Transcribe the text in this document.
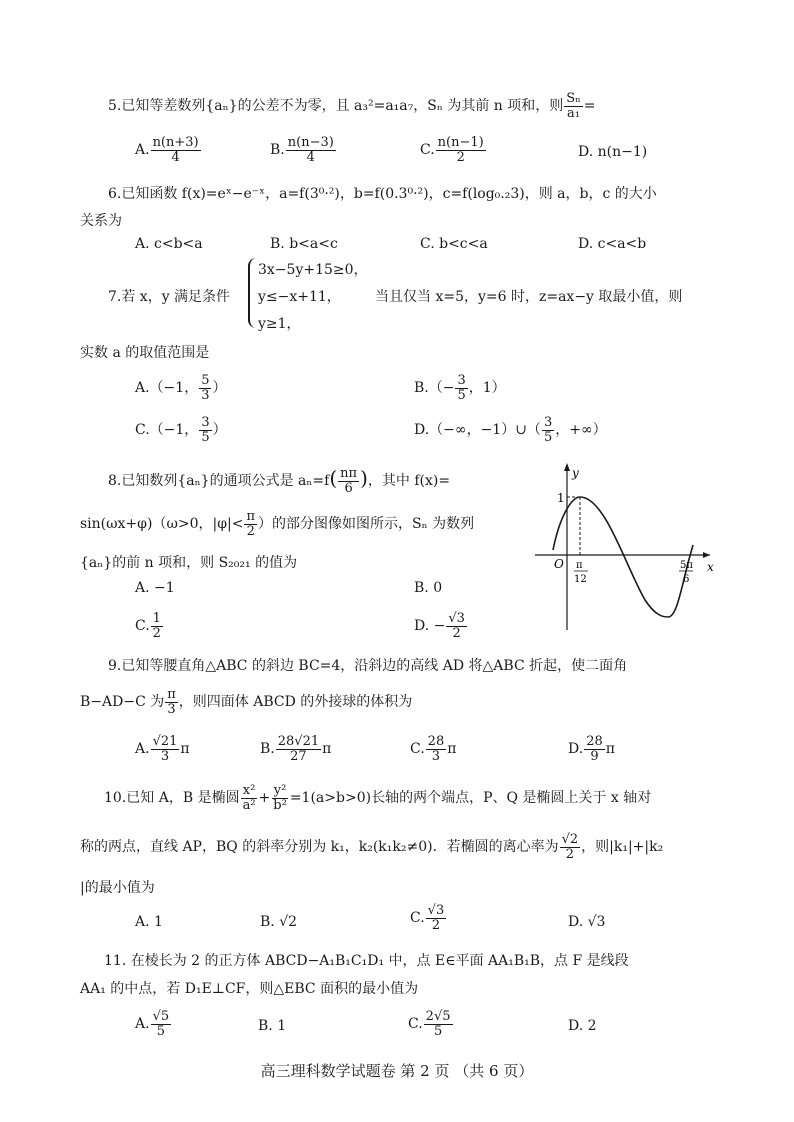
5.已知等差数列{aₙ}的公差不为零，且 a₃²=a₁a₇，Sₙ 为其前 n 项和，则 $\frac{\text{Sₙ}}{\text{a₁}}$ =
A. $\frac{n(n+3)}{4}$	B. $\frac{n(n-3)}{4}$	C. $\frac{n(n-1)}{2}$	D. n(n−1)
6.已知函数 f(x)=eˣ−e⁻ˣ，a=f(3⁰·²)，b=f(0.3⁰·²)，c=f(log₀.₂3)，则 a，b，c 的大小
关系为
A. c<b<a	B. b<a<c	C. b<c<a	D. c<a<b
7.若 x，y 满足条件
3x−5y+15≥0，
y≤−x+11，
y≥1，
当且仅当 x=5，y=6 时，z=ax−y 取最小值，则
实数 a 的取值范围是
A.（−1， $\frac{5}{3}$ ）	$B.(- \frac{3}{5}$ ，1）
C.（−1， $\frac{3}{5}$ ）	D.（−∞，−1）∪（ $\frac{3}{5}$ ，+∞）
8.已知数列{aₙ}的通项公式是 $a_n=f( \frac{n\pi}{6}$ )，其中 f(x)=
sin(ωx+φ)（ω>0，$|\varphi|< \frac{\pi}{2}$ ）的部分图像如图所示，Sₙ 为数列
{aₙ}的前 n 项和，则 S₂₀₂₁ 的值为
A. −1	B. 0
C. $\frac{1}{2}$	D. − $\frac{√3}{2}$
y
x
O
1
π
12
5π
6
9.已知等腰直角△ABC 的斜边 BC=4，沿斜边的高线 AD 将△ABC 折起，使二面角
B−AD−C 为 $\frac{\pi}{3}$ ，则四面体 ABCD 的外接球的体积为
A. $\frac{√21}{3}$ π	B. $\frac{28√21}{27}$ π	C. $\frac{28}{3}$ π	D. $\frac{28}{9}$ π
10.已知 A，B 是椭圆 $\frac{\text{x²}}{\text{a²}} + \frac{\text{y²}}{\text{b²}} =1(a>b>0)$长轴的两个端点，P、Q 是椭圆上关于 x 轴对
称的两点，直线 AP，BQ 的斜率分别为 k₁，k₂(k₁k₂≠0)．若椭圆的离心率为 $\frac{√2}{2}$ ，则|k₁|+|k₂
|的最小值为
A. 1	B. √2	C. $\frac{√3}{2}$	D. √3
11. 在棱长为 2 的正方体 ABCD−A₁B₁C₁D₁ 中，点 E∈平面 AA₁B₁B，点 F 是线段
AA₁ 的中点，若 D₁E⊥CF，则△EBC 面积的最小值为
A. $\frac{√5}{5}$	B. 1	C. $\frac{2√5}{5}$	D. 2
高三理科数学试题卷 第 2 页 （共 6 页）
